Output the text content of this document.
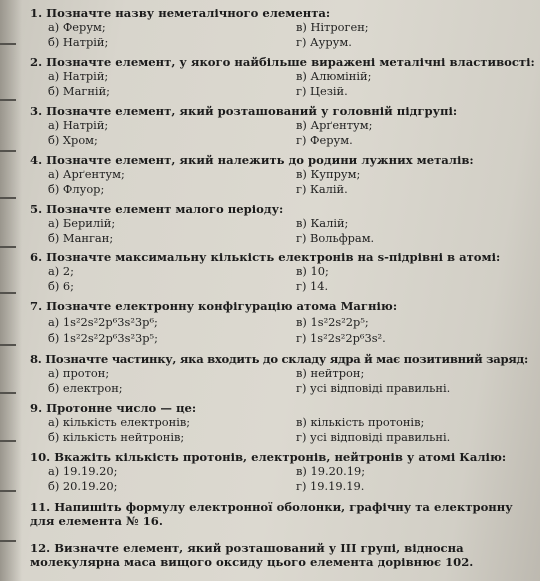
1. Позначте назву неметалічного елемента:
а) Ферум;	в) Нітроген;
б) Натрій;	г) Аурум.
2. Позначте елемент, у якого найбільше виражені металічні властивості:
а) Натрій;	в) Алюміній;
б) Магній;	г) Цезій.
3. Позначте елемент, який розташований у головній підгрупі:
а) Натрій;	в) Арґентум;
б) Хром;	г) Ферум.
4. Позначте елемент, який належить до родини лужних металів:
а) Арґентум;	в) Купрум;
б) Флуор;	г) Калій.
5. Позначте елемент малого періоду:
а) Берилій;	в) Калій;
б) Манган;	г) Вольфрам.
6. Позначте максимальну кількість електронів на s-підрівні в атомі:
а) 2;	в) 10;
б) 6;	г) 14.
7. Позначте електронну конфігурацію атома Магнію:
а) 1s²2s²2p⁶3s²3p⁶;	в) 1s²2s²2p⁵;
б) 1s²2s²2p⁶3s²3p⁵;	г) 1s²2s²2p⁶3s².
8. Позначте частинку, яка входить до складу ядра й має позитивний заряд:
а) протон;	в) нейтрон;
б) електрон;	г) усі відповіді правильні.
9. Протонне число — це:
а) кількість електронів;	в) кількість протонів;
б) кількість нейтронів;	г) усі відповіді правильні.
10. Вкажіть кількість протонів, електронів, нейтронів у атомі Калію:
а) 19.19.20;	в) 19.20.19;
б) 20.19.20;	г) 19.19.19.
11. Напишіть формулу електронної оболонки, графічну та електронну для елемента № 16.
12. Визначте елемент, який розташований у III групі, відносна молекулярна маса вищого оксиду цього елемента дорівнює 102.
